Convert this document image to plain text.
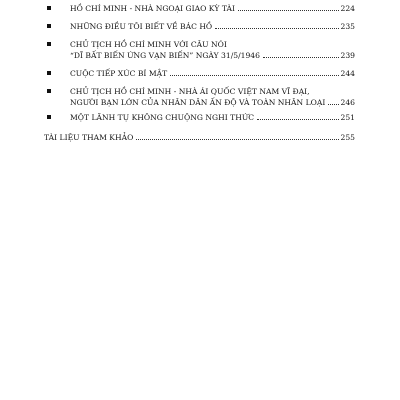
HỒ CHÍ MINH - NHÀ NGOẠI GIAO KỲ TÀI	224
NHỮNG ĐIỀU TÔI BIẾT VỀ BÁC HỒ	235
CHỦ TỊCH HỒ CHÍ MINH VỚI CÂU NÓI
“DĨ BẤT BIẾN ỨNG VẠN BIẾN” NGÀY 31/5/1946	239
CUỘC TIẾP XÚC BÍ MẬT	244
CHỦ TỊCH HỒ CHÍ MINH - NHÀ ÁI QUỐC VIỆT NAM VĨ ĐẠI,
NGƯỜI BẠN LỚN CỦA NHÂN DÂN ẤN ĐỘ VÀ TOÀN NHÂN LOẠI 246
MỘT LÃNH TỤ KHÔNG CHUỘNG NGHI THỨC	251
TÀI LIỆU THAM KHẢO	255
